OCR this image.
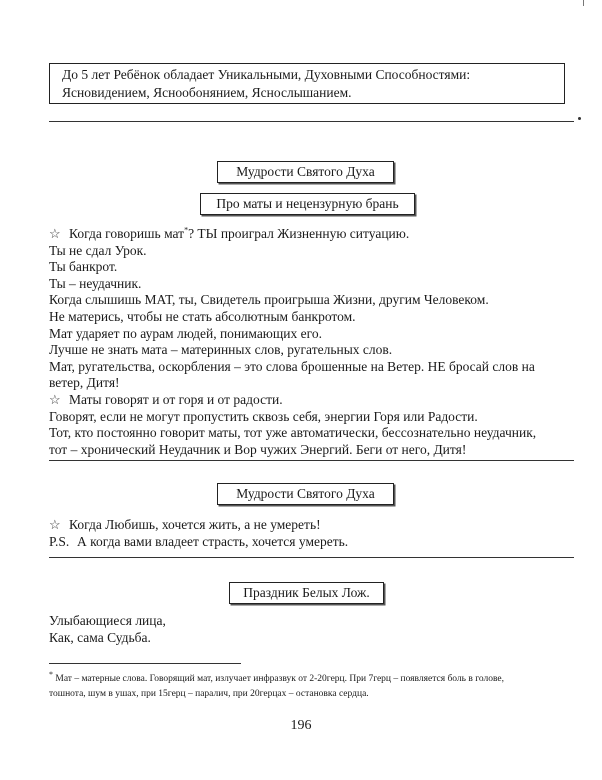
До 5 лет Ребёнок обладает Уникальными, Духовными Способностями: Ясновидением, Яснообонянием, Яснослышанием.
Мудрости Святого Духа
Про маты и нецензурную брань
☆ Когда говоришь мат*? ТЫ проиграл Жизненную ситуацию.
Ты не сдал Урок.
Ты банкрот.
Ты – неудачник.
Когда слышишь МАТ, ты, Свидетель проигрыша Жизни, другим Человеком.
Не матерись, чтобы не стать абсолютным банкротом.
Мат ударяет по аурам людей, понимающих его.
Лучше не знать мата – материнных слов, ругательных слов.
Мат, ругательства, оскорбления – это слова брошенные на Ветер. НЕ бросай слов на
ветер, Дитя!
☆ Маты говорят и от горя и от радости.
Говорят, если не могут пропустить сквозь себя, энергии Горя или Радости.
Тот, кто постоянно говорит маты, тот уже автоматически, бессознательно неудачник,
тот – хронический Неудачник и Вор чужих Энергий. Беги от него, Дитя!
Мудрости Святого Духа
☆ Когда Любишь, хочется жить, а не умереть!
P.S. А когда вами владеет страсть, хочется умереть.
Праздник Белых Лож.
Улыбающиеся лица,
Как, сама Судьба.
* Мат – матерные слова. Говорящий мат, излучает инфразвук от 2-20герц. При 7герц – появляется боль в голове,
тошнота, шум в ушах, при 15герц – паралич, при 20герцах – остановка сердца.
196
